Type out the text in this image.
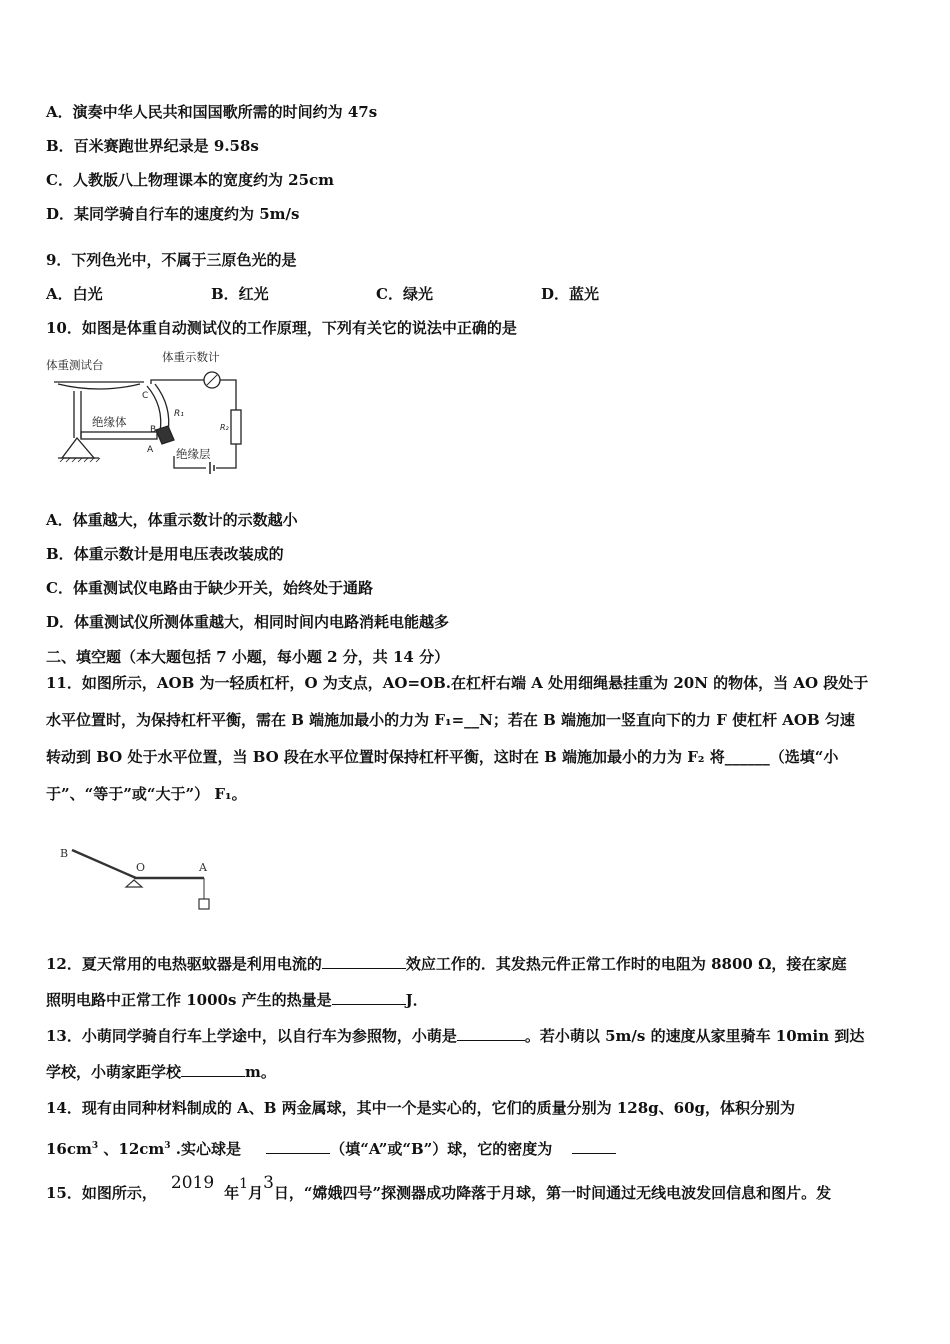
A．演奏中华人民共和国国歌所需的时间约为 47s
B．百米赛跑世界纪录是 9.58s
C．人教版八上物理课本的宽度约为 25cm
D．某同学骑自行车的速度约为 5m/s
9．下列色光中，不属于三原色光的是
A．白光	B．红光	C．绿光	D．蓝光
10．如图是体重自动测试仪的工作原理，下列有关它的说法中正确的是
体重测试台
绝缘体
C
R₁
B
A 绝缘层
体重示数计
R₂
A．体重越大，体重示数计的示数越小
B．体重示数计是用电压表改装成的
C．体重测试仪电路由于缺少开关，始终处于通路
D．体重测试仪所测体重越大，相同时间内电路消耗电能越多
二、填空题（本大题包括 7 小题，每小题 2 分，共 14 分）
11．如图所示，AOB 为一轻质杠杆，O 为支点，AO=OB.在杠杆右端 A 处用细绳悬挂重为 20N 的物体，当 AO 段处于
水平位置时，为保持杠杆平衡，需在 B 端施加最小的力为 F₁=__N；若在 B 端施加一竖直向下的力 F 使杠杆 AOB 匀速
转动到 BO 处于水平位置，当 BO 段在水平位置时保持杠杆平衡，这时在 B 端施加最小的力为 F₂ 将______（选填“小
于”、“等于”或“大于”） F₁。
B
O	A
12．夏天常用的电热驱蚊器是利用电流的	效应工作的．其发热元件正常工作时的电阻为 8800 Ω，接在家庭
照明电路中正常工作 1000s 产生的热量是	J．
13．小萌同学骑自行车上学途中，以自行车为参照物，小萌是	。若小萌以 5m/s 的速度从家里骑车 10min 到达
学校，小萌家距学校	m。
14．现有由同种材料制成的 A、B 两金属球，其中一个是实心的，它们的质量分别为 128g、60g，体积分别为
$16cm^3$ 、$12cm^3$ .实心球是	（填“A”或“B”）球，它的密度为
15．如图所示， 2019 年1月3日，“嫦娥四号”探测器成功降落于月球，第一时间通过无线电波发回信息和图片。发
